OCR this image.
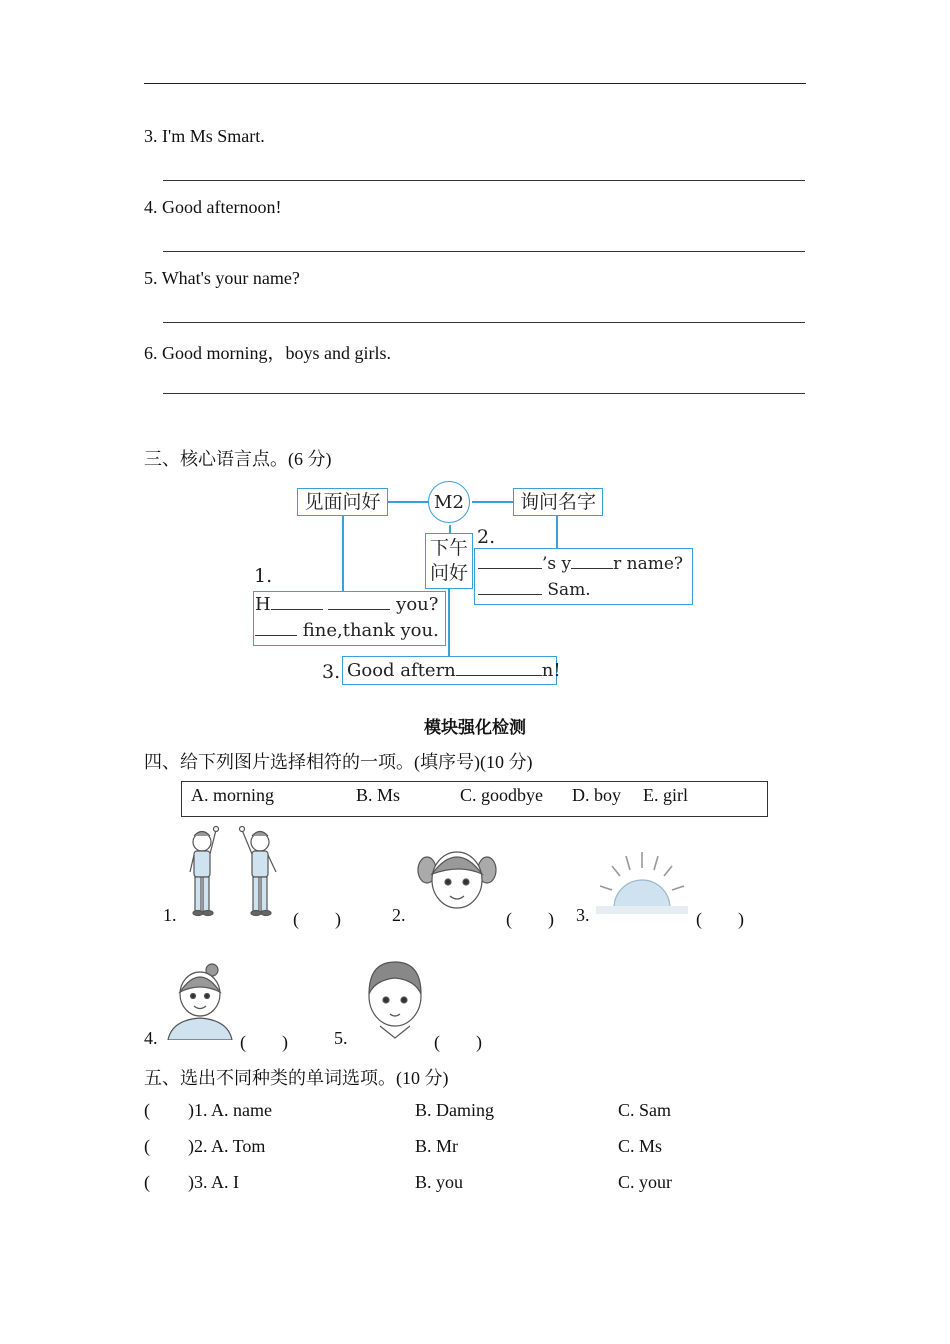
3. I'm Ms Smart.
4. Good afternoon!
5. What's your name?
6. Good morning，boys and girls.
三、核心语言点。(6 分)
M2
见面问好	询问名字
下午
问好
1.
H	you?
fine,thank you.
2.
’s y r name?
Sam.
3. Good aftern	n!
模块强化检测
四、给下列图片选择相符的一项。(填序号)(10 分)
A. morning	B. Ms	C. goodbye D. boy E. girl
1.	(　　)	2.	(　　) 3.	(　　)
4.	(　　)	5.	(　　)
五、选出不同种类的单词选项。(10 分)
( )1. A. name	B. Daming	C. Sam
( )2. A. Tom	B. Mr	C. Ms
( )3. A. I	B. you	C. your
